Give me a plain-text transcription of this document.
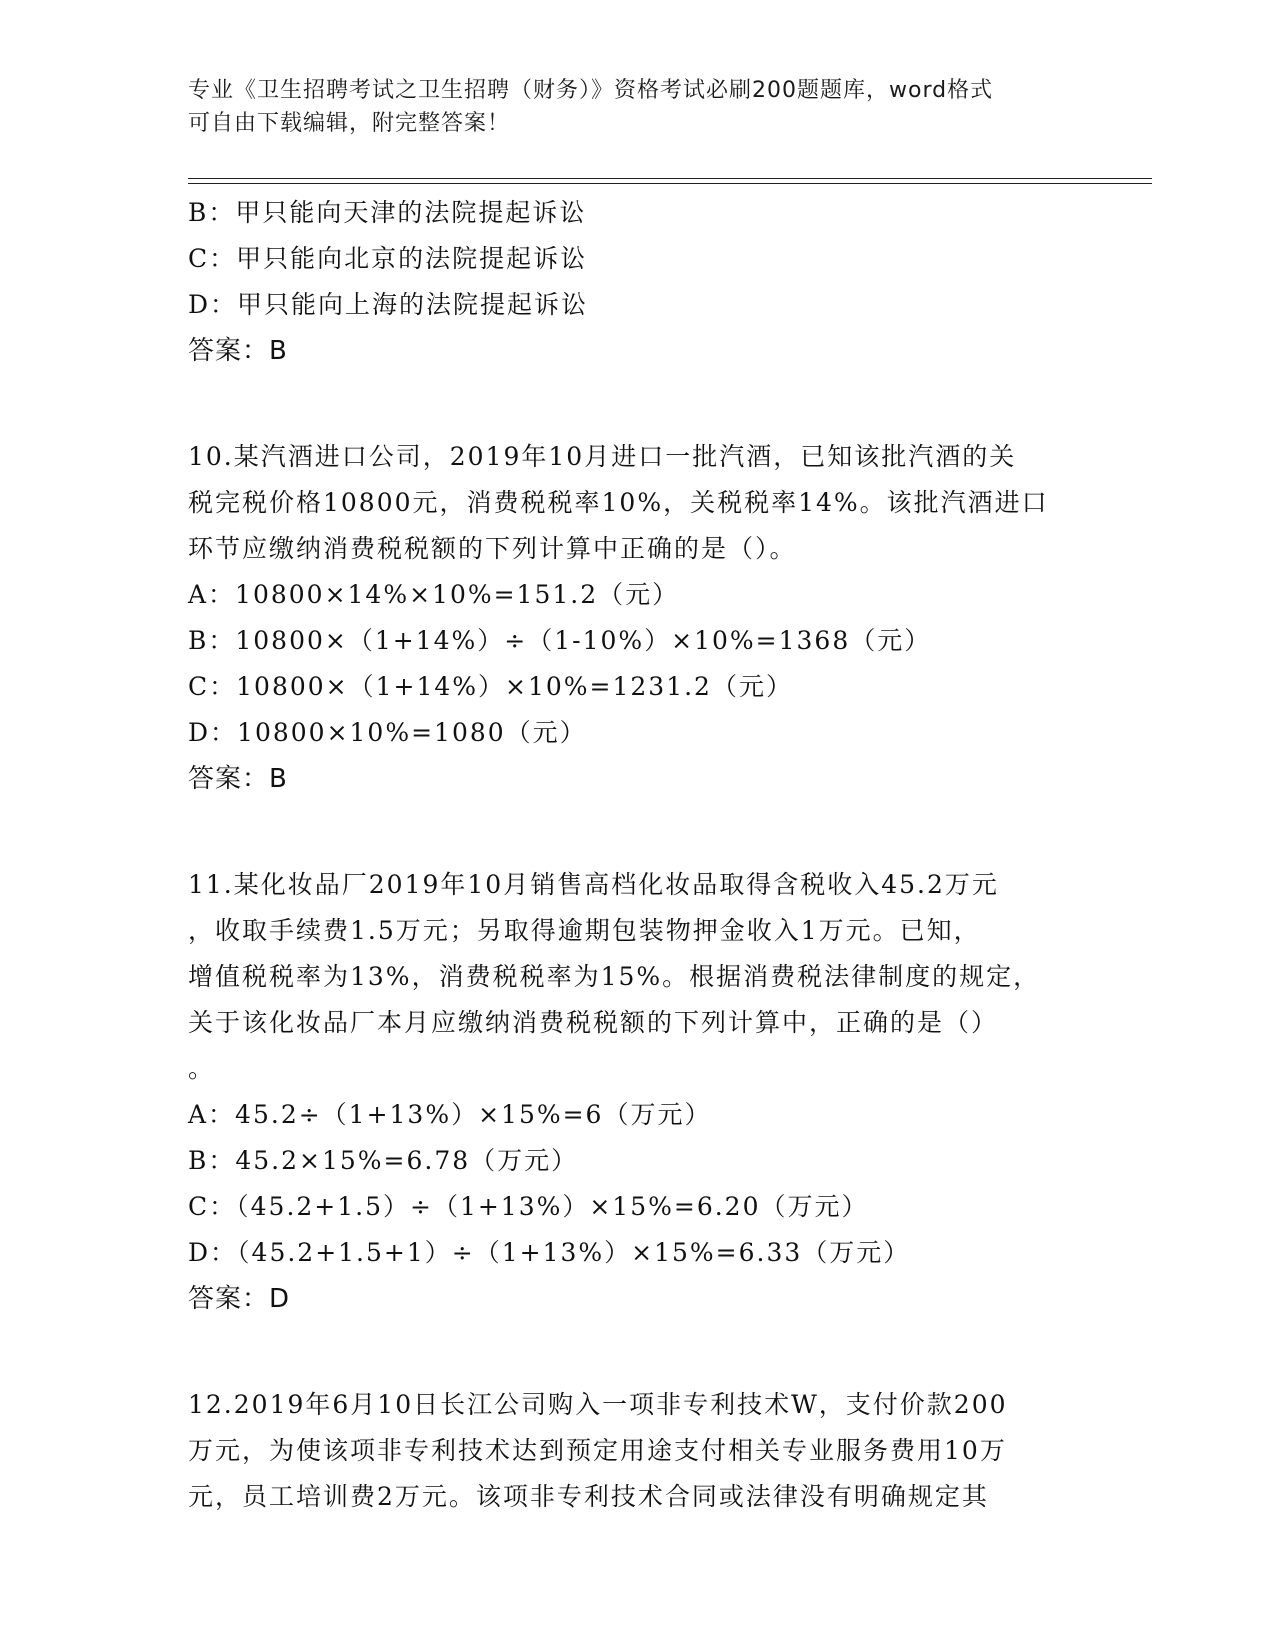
专业《卫生招聘考试之卫生招聘（财务）》资格考试必刷200题题库，word格式
可自由下载编辑，附完整答案！
B：甲只能向天津的法院提起诉讼
C：甲只能向北京的法院提起诉讼
D：甲只能向上海的法院提起诉讼
答案：B
10.某汽酒进口公司，2019年10月进口一批汽酒，已知该批汽酒的关
税完税价格10800元，消费税税率10%，关税税率14%。该批汽酒进口
环节应缴纳消费税税额的下列计算中正确的是（）。
A：10800×14%×10%=151.2（元）
B：10800×（1+14%）÷（1-10%）×10%=1368（元）
C：10800×（1+14%）×10%=1231.2（元）
D：10800×10%=1080（元）
答案：B
11.某化妆品厂2019年10月销售高档化妆品取得含税收入45.2万元
，收取手续费1.5万元；另取得逾期包装物押金收入1万元。已知，
增值税税率为13%，消费税税率为15%。根据消费税法律制度的规定，
关于该化妆品厂本月应缴纳消费税税额的下列计算中，正确的是（）
。
A：45.2÷（1+13%）×15%=6（万元）
B：45.2×15%=6.78（万元）
C：（45.2+1.5）÷（1+13%）×15%=6.20（万元）
D：（45.2+1.5+1）÷（1+13%）×15%=6.33（万元）
答案：D
12.2019年6月10日长江公司购入一项非专利技术W，支付价款200
万元，为使该项非专利技术达到预定用途支付相关专业服务费用10万
元，员工培训费2万元。该项非专利技术合同或法律没有明确规定其
